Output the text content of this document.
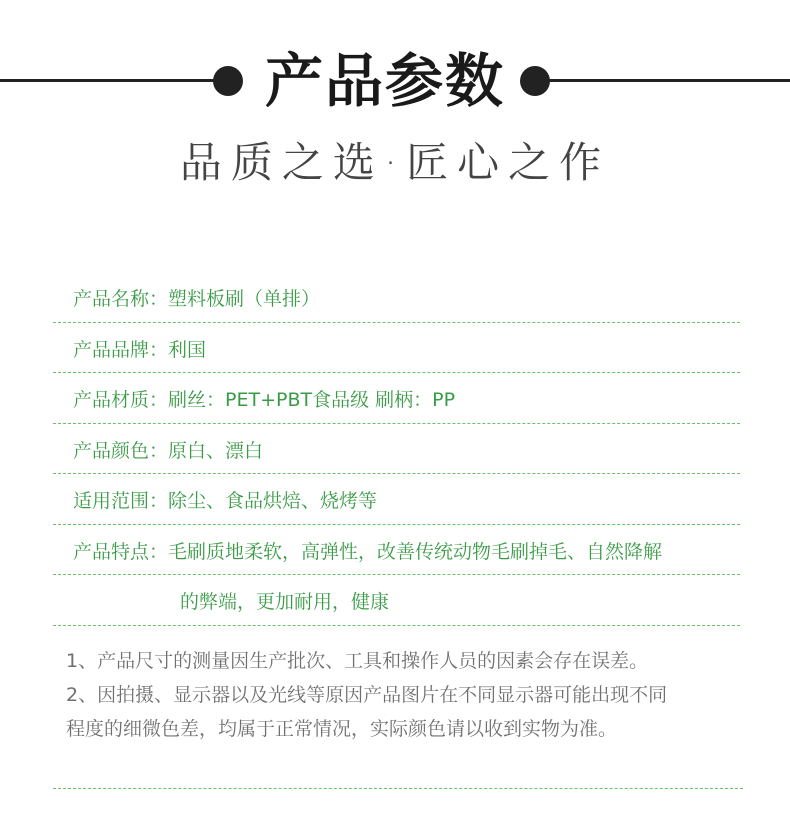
产品参数
品质之选·匠心之作
产品名称：塑料板刷（单排）
产品品牌：利国
产品材质：刷丝：PET+PBT食品级 刷柄：PP
产品颜色：原白、漂白
适用范围：除尘、食品烘焙、烧烤等
产品特点：毛刷质地柔软，高弹性，改善传统动物毛刷掉毛、自然降解
的弊端，更加耐用，健康
1、产品尺寸的测量因生产批次、工具和操作人员的因素会存在误差。
2、因拍摄、显示器以及光线等原因产品图片在不同显示器可能出现不同
程度的细微色差，均属于正常情况，实际颜色请以收到实物为准。
